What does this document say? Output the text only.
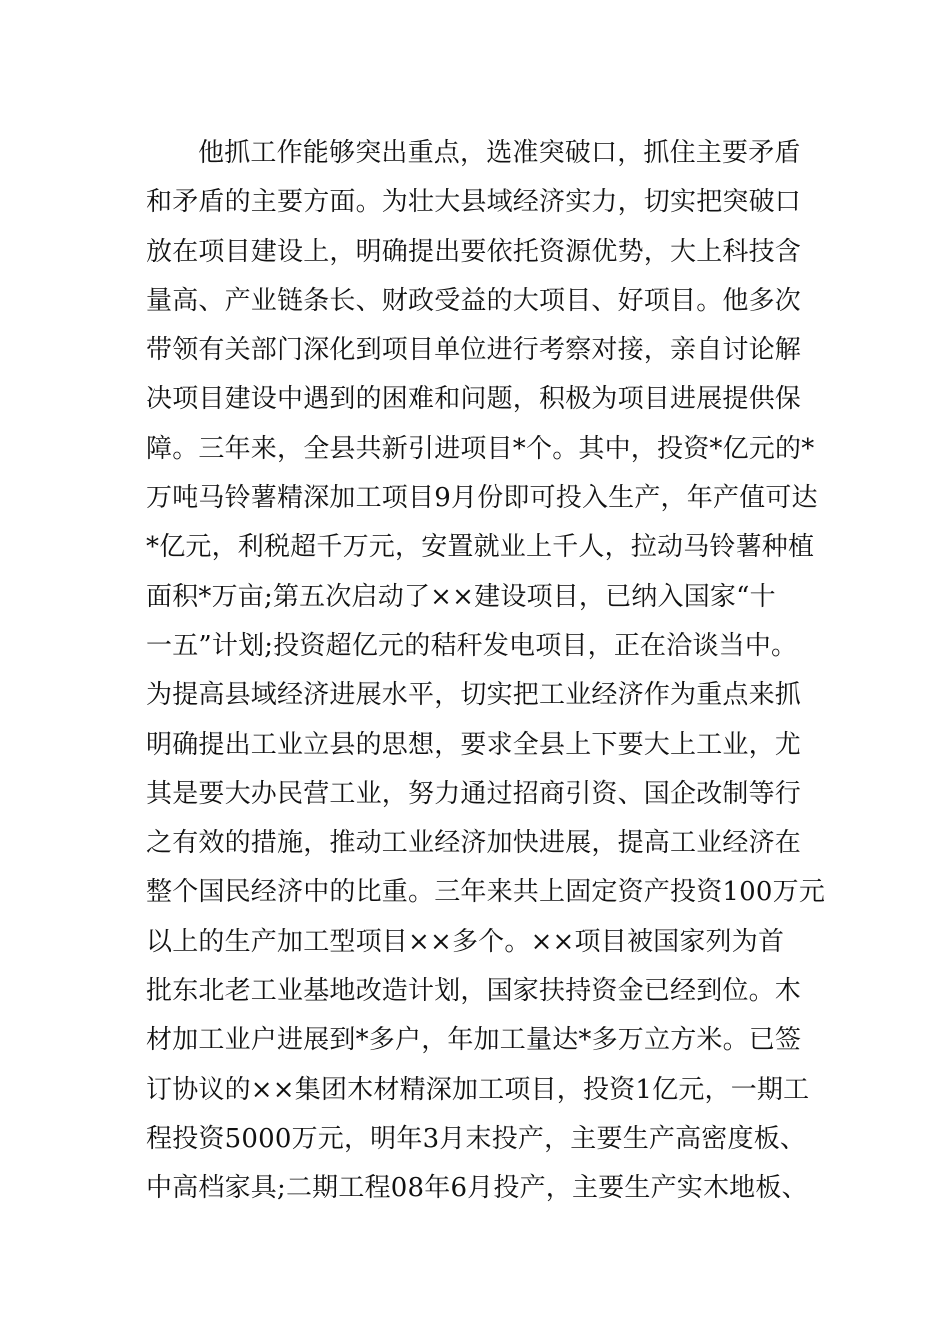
他抓工作能够突出重点，选准突破口，抓住主要矛盾
和矛盾的主要方面。为壮大县域经济实力，切实把突破口
放在项目建设上，明确提出要依托资源优势，大上科技含
量高、产业链条长、财政受益的大项目、好项目。他多次
带领有关部门深化到项目单位进行考察对接，亲自讨论解
决项目建设中遇到的困难和问题，积极为项目进展提供保
障。三年来，全县共新引进项目*个。其中，投资*亿元的*
万吨马铃薯精深加工项目9月份即可投入生产，年产值可达
*亿元，利税超千万元，安置就业上千人，拉动马铃薯种植
面积*万亩;第五次启动了××建设项目，已纳入国家“十
一五”计划;投资超亿元的秸秆发电项目，正在洽谈当中。
为提高县域经济进展水平，切实把工业经济作为重点来抓
明确提出工业立县的思想，要求全县上下要大上工业，尤
其是要大办民营工业，努力通过招商引资、国企改制等行
之有效的措施，推动工业经济加快进展，提高工业经济在
整个国民经济中的比重。三年来共上固定资产投资100万元
以上的生产加工型项目××多个。××项目被国家列为首
批东北老工业基地改造计划，国家扶持资金已经到位。木
材加工业户进展到*多户，年加工量达*多万立方米。已签
订协议的××集团木材精深加工项目，投资1亿元，一期工
程投资5000万元，明年3月末投产，主要生产高密度板、
中高档家具;二期工程08年6月投产，主要生产实木地板、
